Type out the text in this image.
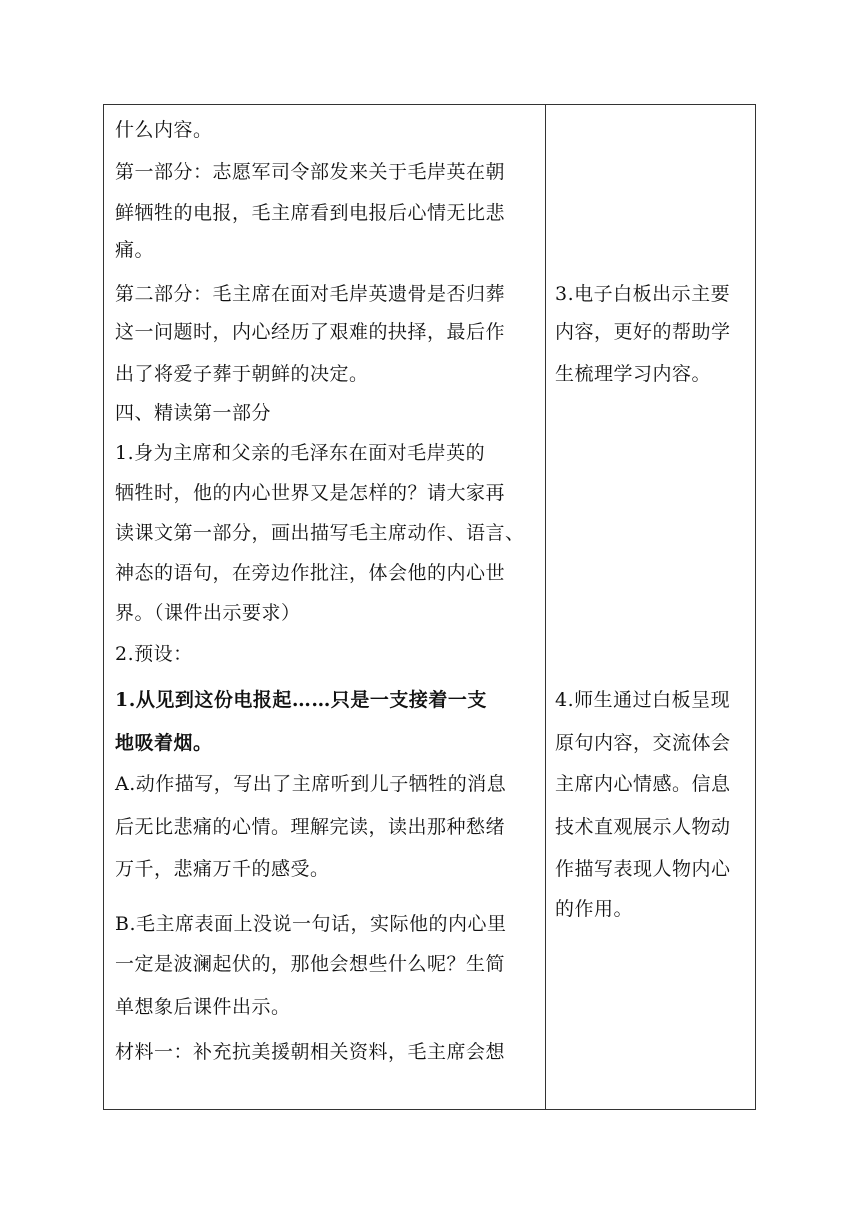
什么内容。
第一部分：志愿军司令部发来关于毛岸英在朝
鲜牺牲的电报，毛主席看到电报后心情无比悲
痛。
第二部分：毛主席在面对毛岸英遗骨是否归葬
这一问题时，内心经历了艰难的抉择，最后作
出了将爱子葬于朝鲜的决定。
四、精读第一部分
1.身为主席和父亲的毛泽东在面对毛岸英的
牺牲时，他的内心世界又是怎样的？请大家再
读课文第一部分，画出描写毛主席动作、语言、
神态的语句，在旁边作批注，体会他的内心世
界。（课件出示要求）
2.预设：
1.从见到这份电报起……只是一支接着一支
地吸着烟。
A.动作描写，写出了主席听到儿子牺牲的消息
后无比悲痛的心情。理解完读，读出那种愁绪
万千，悲痛万千的感受。
B.毛主席表面上没说一句话，实际他的内心里
一定是波澜起伏的，那他会想些什么呢？生简
单想象后课件出示。
材料一：补充抗美援朝相关资料，毛主席会想
3.电子白板出示主要
内容，更好的帮助学
生梳理学习内容。
4.师生通过白板呈现
原句内容，交流体会
主席内心情感。信息
技术直观展示人物动
作描写表现人物内心
的作用。
